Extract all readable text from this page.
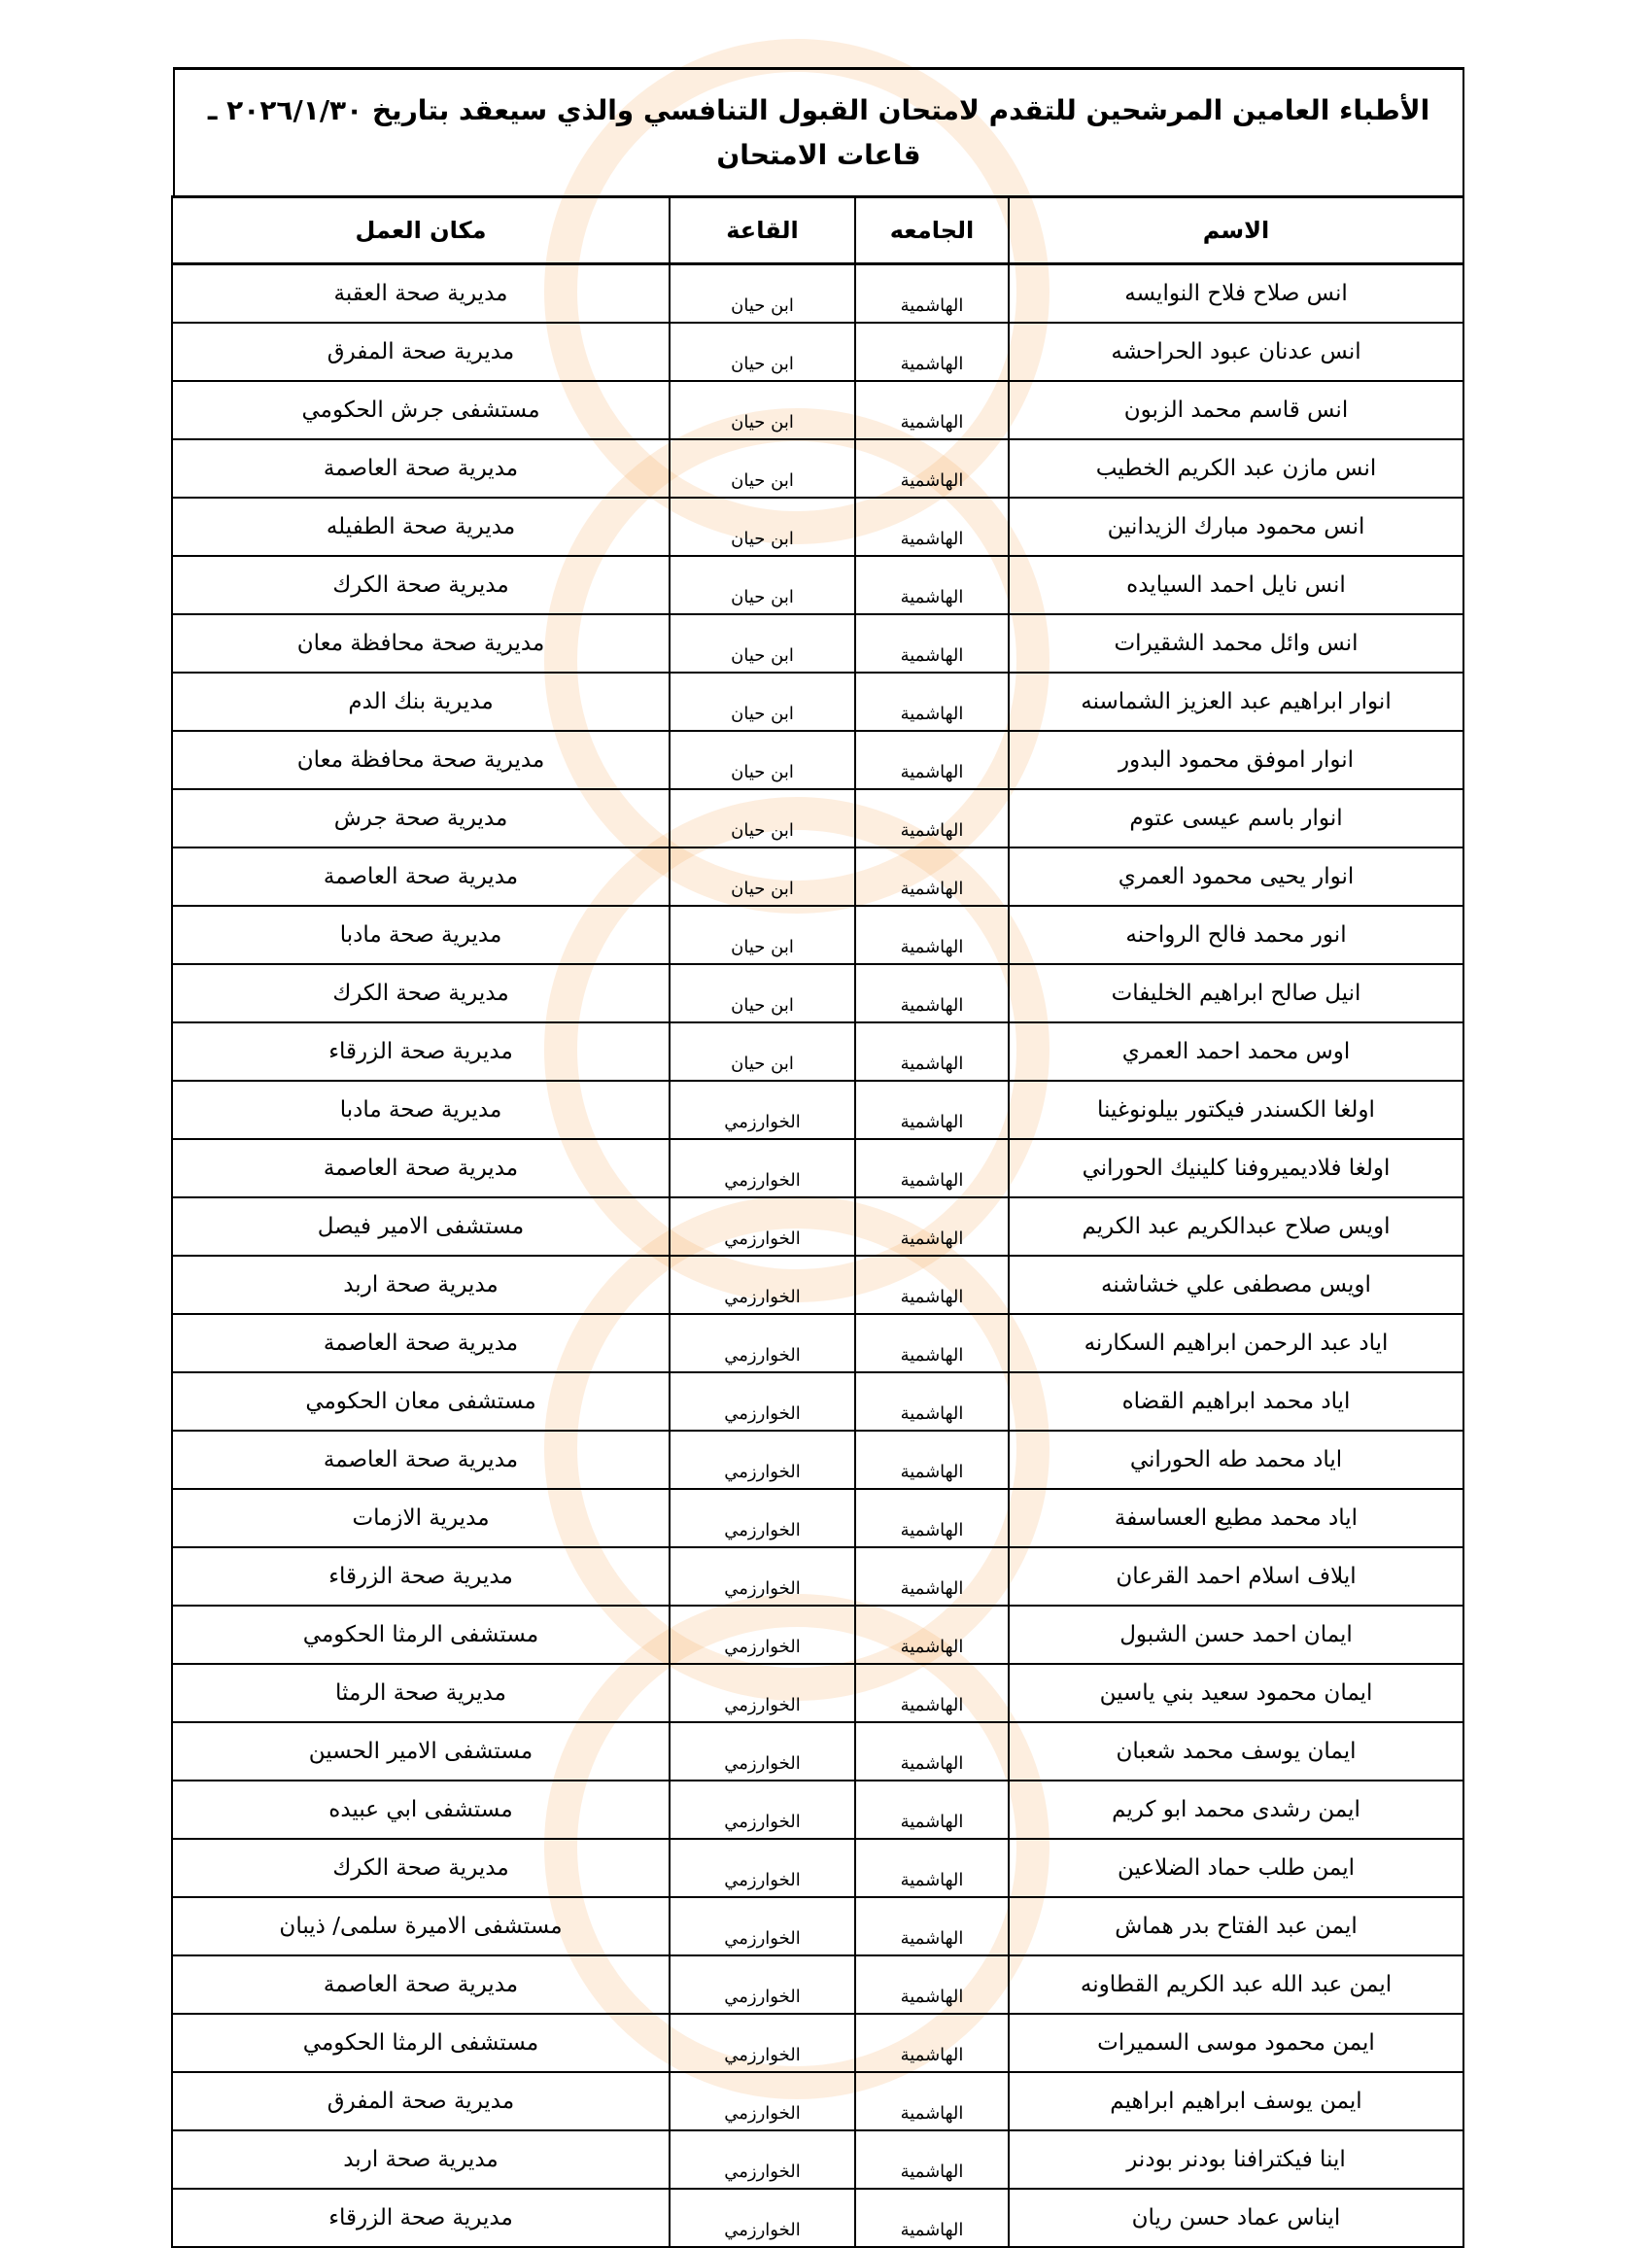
الأطباء العامين المرشحين للتقدم لامتحان القبول التنافسي والذي سيعقد بتاريخ ٢٠٢٦/١/٣٠ ـ قاعات الامتحان
الاسم	الجامعه	القاعة	مكان العمل
انس صلاح فلاح النوايسه	الهاشمية	ابن حيان	مديرية صحة العقبة
انس عدنان عبود الحراحشه	الهاشمية	ابن حيان	مديرية صحة المفرق
انس قاسم محمد الزبون	الهاشمية	ابن حيان	مستشفى جرش الحكومي
انس مازن عبد الكريم الخطيب	الهاشمية	ابن حيان	مديرية صحة العاصمة
انس محمود مبارك الزيدانين	الهاشمية	ابن حيان	مديرية صحة الطفيله
انس نايل احمد السيايده	الهاشمية	ابن حيان	مديرية صحة الكرك
انس وائل محمد الشقيرات	الهاشمية	ابن حيان	مديرية صحة محافظة معان
انوار ابراهيم عبد العزيز الشماسنه	الهاشمية	ابن حيان	مديرية بنك الدم
انوار اموفق محمود البدور	الهاشمية	ابن حيان	مديرية صحة محافظة معان
انوار باسم عيسى عتوم	الهاشمية	ابن حيان	مديرية صحة جرش
انوار يحيى محمود العمري	الهاشمية	ابن حيان	مديرية صحة العاصمة
انور محمد فالح الرواحنه	الهاشمية	ابن حيان	مديرية صحة مادبا
انيل صالح ابراهيم الخليفات	الهاشمية	ابن حيان	مديرية صحة الكرك
اوس محمد احمد العمري	الهاشمية	ابن حيان	مديرية صحة الزرقاء
اولغا الكسندر فيكتور بيلونوغينا	الهاشمية	الخوارزمي	مديرية صحة مادبا
اولغا فلاديميروفنا كلينيك الحوراني	الهاشمية	الخوارزمي	مديرية صحة العاصمة
اويس صلاح عبدالكريم عبد الكريم	الهاشمية	الخوارزمي	مستشفى الامير فيصل
اويس مصطفى علي خشاشنه	الهاشمية	الخوارزمي	مديرية صحة اربد
اياد عبد الرحمن ابراهيم السكارنه	الهاشمية	الخوارزمي	مديرية صحة العاصمة
اياد محمد ابراهيم القضاه	الهاشمية	الخوارزمي	مستشفى معان الحكومي
اياد محمد طه الحوراني	الهاشمية	الخوارزمي	مديرية صحة العاصمة
اياد محمد مطيع العساسفة	الهاشمية	الخوارزمي	مديرية الازمات
ايلاف اسلام احمد القرعان	الهاشمية	الخوارزمي	مديرية صحة الزرقاء
ايمان احمد حسن الشبول	الهاشمية	الخوارزمي	مستشفى الرمثا الحكومي
ايمان محمود سعيد بني ياسين	الهاشمية	الخوارزمي	مديرية صحة الرمثا
ايمان يوسف محمد شعبان	الهاشمية	الخوارزمي	مستشفى الامير الحسين
ايمن رشدى محمد ابو كريم	الهاشمية	الخوارزمي	مستشفى ابي عبيده
ايمن طلب حماد الضلاعين	الهاشمية	الخوارزمي	مديرية صحة الكرك
ايمن عبد الفتاح بدر هماش	الهاشمية	الخوارزمي	مستشفى الاميرة سلمى/ ذيبان
ايمن عبد الله عبد الكريم القطاونه	الهاشمية	الخوارزمي	مديرية صحة العاصمة
ايمن محمود موسى السميرات	الهاشمية	الخوارزمي	مستشفى الرمثا الحكومي
ايمن يوسف ابراهيم ابراهيم	الهاشمية	الخوارزمي	مديرية صحة المفرق
اينا فيكترافنا بودنر بودنر	الهاشمية	الخوارزمي	مديرية صحة اربد
ايناس عماد حسن ريان	الهاشمية	الخوارزمي	مديرية صحة الزرقاء
